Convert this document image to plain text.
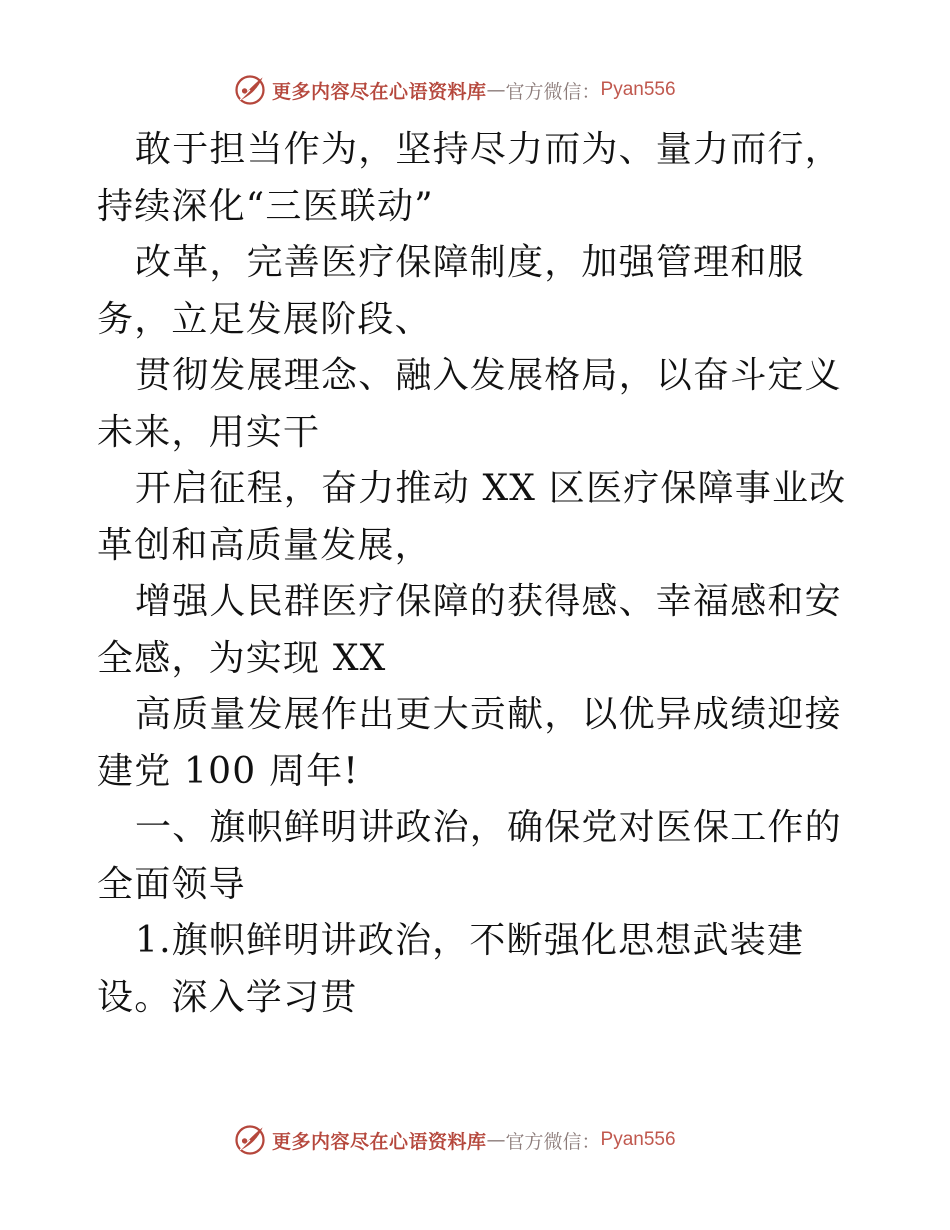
更多内容尽在心语资料库 — 官方微信： Pyan556

敢于担当作为，坚持尽力而为、量力而行，持续深化“三医联动”

改革，完善医疗保障制度，加强管理和服务，立足发展阶段、

贯彻发展理念、融入发展格局，以奋斗定义未来，用实干

开启征程，奋力推动 XX 区医疗保障事业改革创和高质量发展，

增强人民群医疗保障的获得感、幸福感和安全感，为实现 XX

高质量发展作出更大贡献，以优异成绩迎接建党 100 周年!

一、旗帜鲜明讲政治，确保党对医保工作的全面领导

1.旗帜鲜明讲政治，不断强化思想武装建设。深入学习贯

更多内容尽在心语资料库 — 官方微信： Pyan556
